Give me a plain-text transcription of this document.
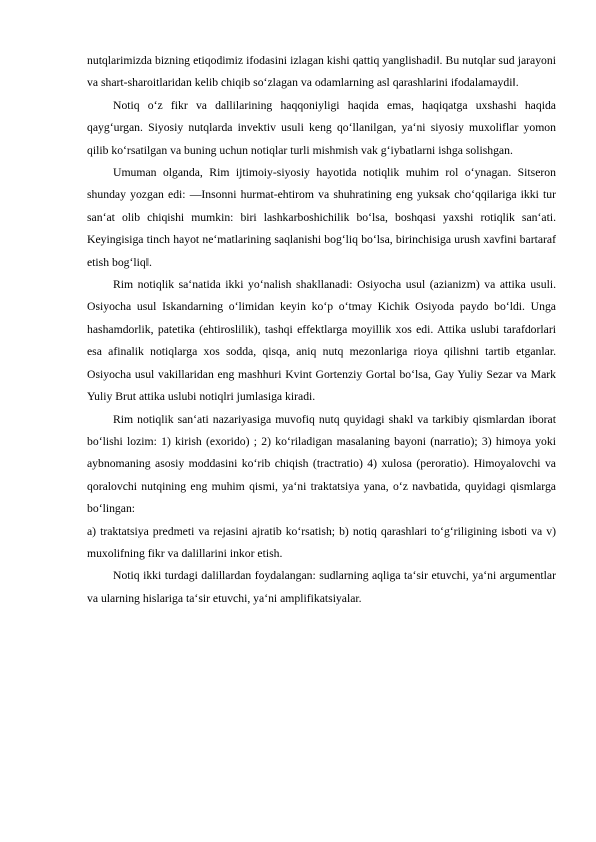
nutqlarimizda bizning etiqodimiz ifodasini izlagan kishi qattiq yanglishadi‖. Bu nutqlar sud jarayoni va shart-sharoitlaridan kelib chiqib so‘zlagan va odamlarning asl qarashlarini ifodalamaydi‖.

Notiq o‘z fikr va dallilarining haqqoniyligi haqida emas, haqiqatga uxshashi haqida qayg‘urgan. Siyosiy nutqlarda invektiv usuli keng qo‘llanilgan, ya‘ni siyosiy muxoliflar yomon qilib ko‘rsatilgan va buning uchun notiqlar turli mishmish vak g‘iybatlarni ishga solishgan.

Umuman olganda, Rim ijtimoiy-siyosiy hayotida notiqlik muhim rol o‘ynagan. Sitseron shunday yozgan edi: ―Insonni hurmat-ehtirom va shuhratining eng yuksak cho‘qqilariga ikki tur san‘at olib chiqishi mumkin: biri lashkarboshichilik bo‘lsa, boshqasi yaxshi rotiqlik san‘ati. Keyingisiga tinch hayot ne‘matlarining saqlanishi bog‘liq bo‘lsa, birinchisiga urush xavfini bartaraf etish bog‘liq‖.

Rim notiqlik sa‘natida ikki yo‘nalish shakllanadi: Osiyocha usul (azianizm) va attika usuli. Osiyocha usul Iskandarning o‘limidan keyin ko‘p o‘tmay Kichik Osiyoda paydo bo‘ldi. Unga hashamdorlik, patetika (ehtiroslilik), tashqi effektlarga moyillik xos edi. Attika uslubi tarafdorlari esa afinalik notiqlarga xos sodda, qisqa, aniq nutq mezonlariga rioya qilishni tartib etganlar. Osiyocha usul vakillaridan eng mashhuri Kvint Gortenziy Gortal bo‘lsa, Gay Yuliy Sezar va Mark Yuliy Brut attika uslubi notiqlri jumlasiga kiradi.

Rim notiqlik san‘ati nazariyasiga muvofiq nutq quyidagi shakl va tarkibiy qismlardan iborat bo‘lishi lozim: 1) kirish (exorido) ; 2) ko‘riladigan masalaning bayoni (narratio); 3) himoya yoki aybnomaning asosiy moddasini ko‘rib chiqish (tractratio) 4) xulosa (peroratio). Himoyalovchi va qoralovchi nutqining eng muhim qismi, ya‘ni traktatsiya yana, o‘z navbatida, quyidagi qismlarga bo‘lingan:

a) traktatsiya predmeti va rejasini ajratib ko‘rsatish; b) notiq qarashlari to‘g‘riligining isboti va v) muxolifning fikr va dalillarini inkor etish.

Notiq ikki turdagi dalillardan foydalangan: sudlarning aqliga ta‘sir etuvchi, ya‘ni argumentlar va ularning hislariga ta‘sir etuvchi, ya‘ni amplifikatsiyalar.
